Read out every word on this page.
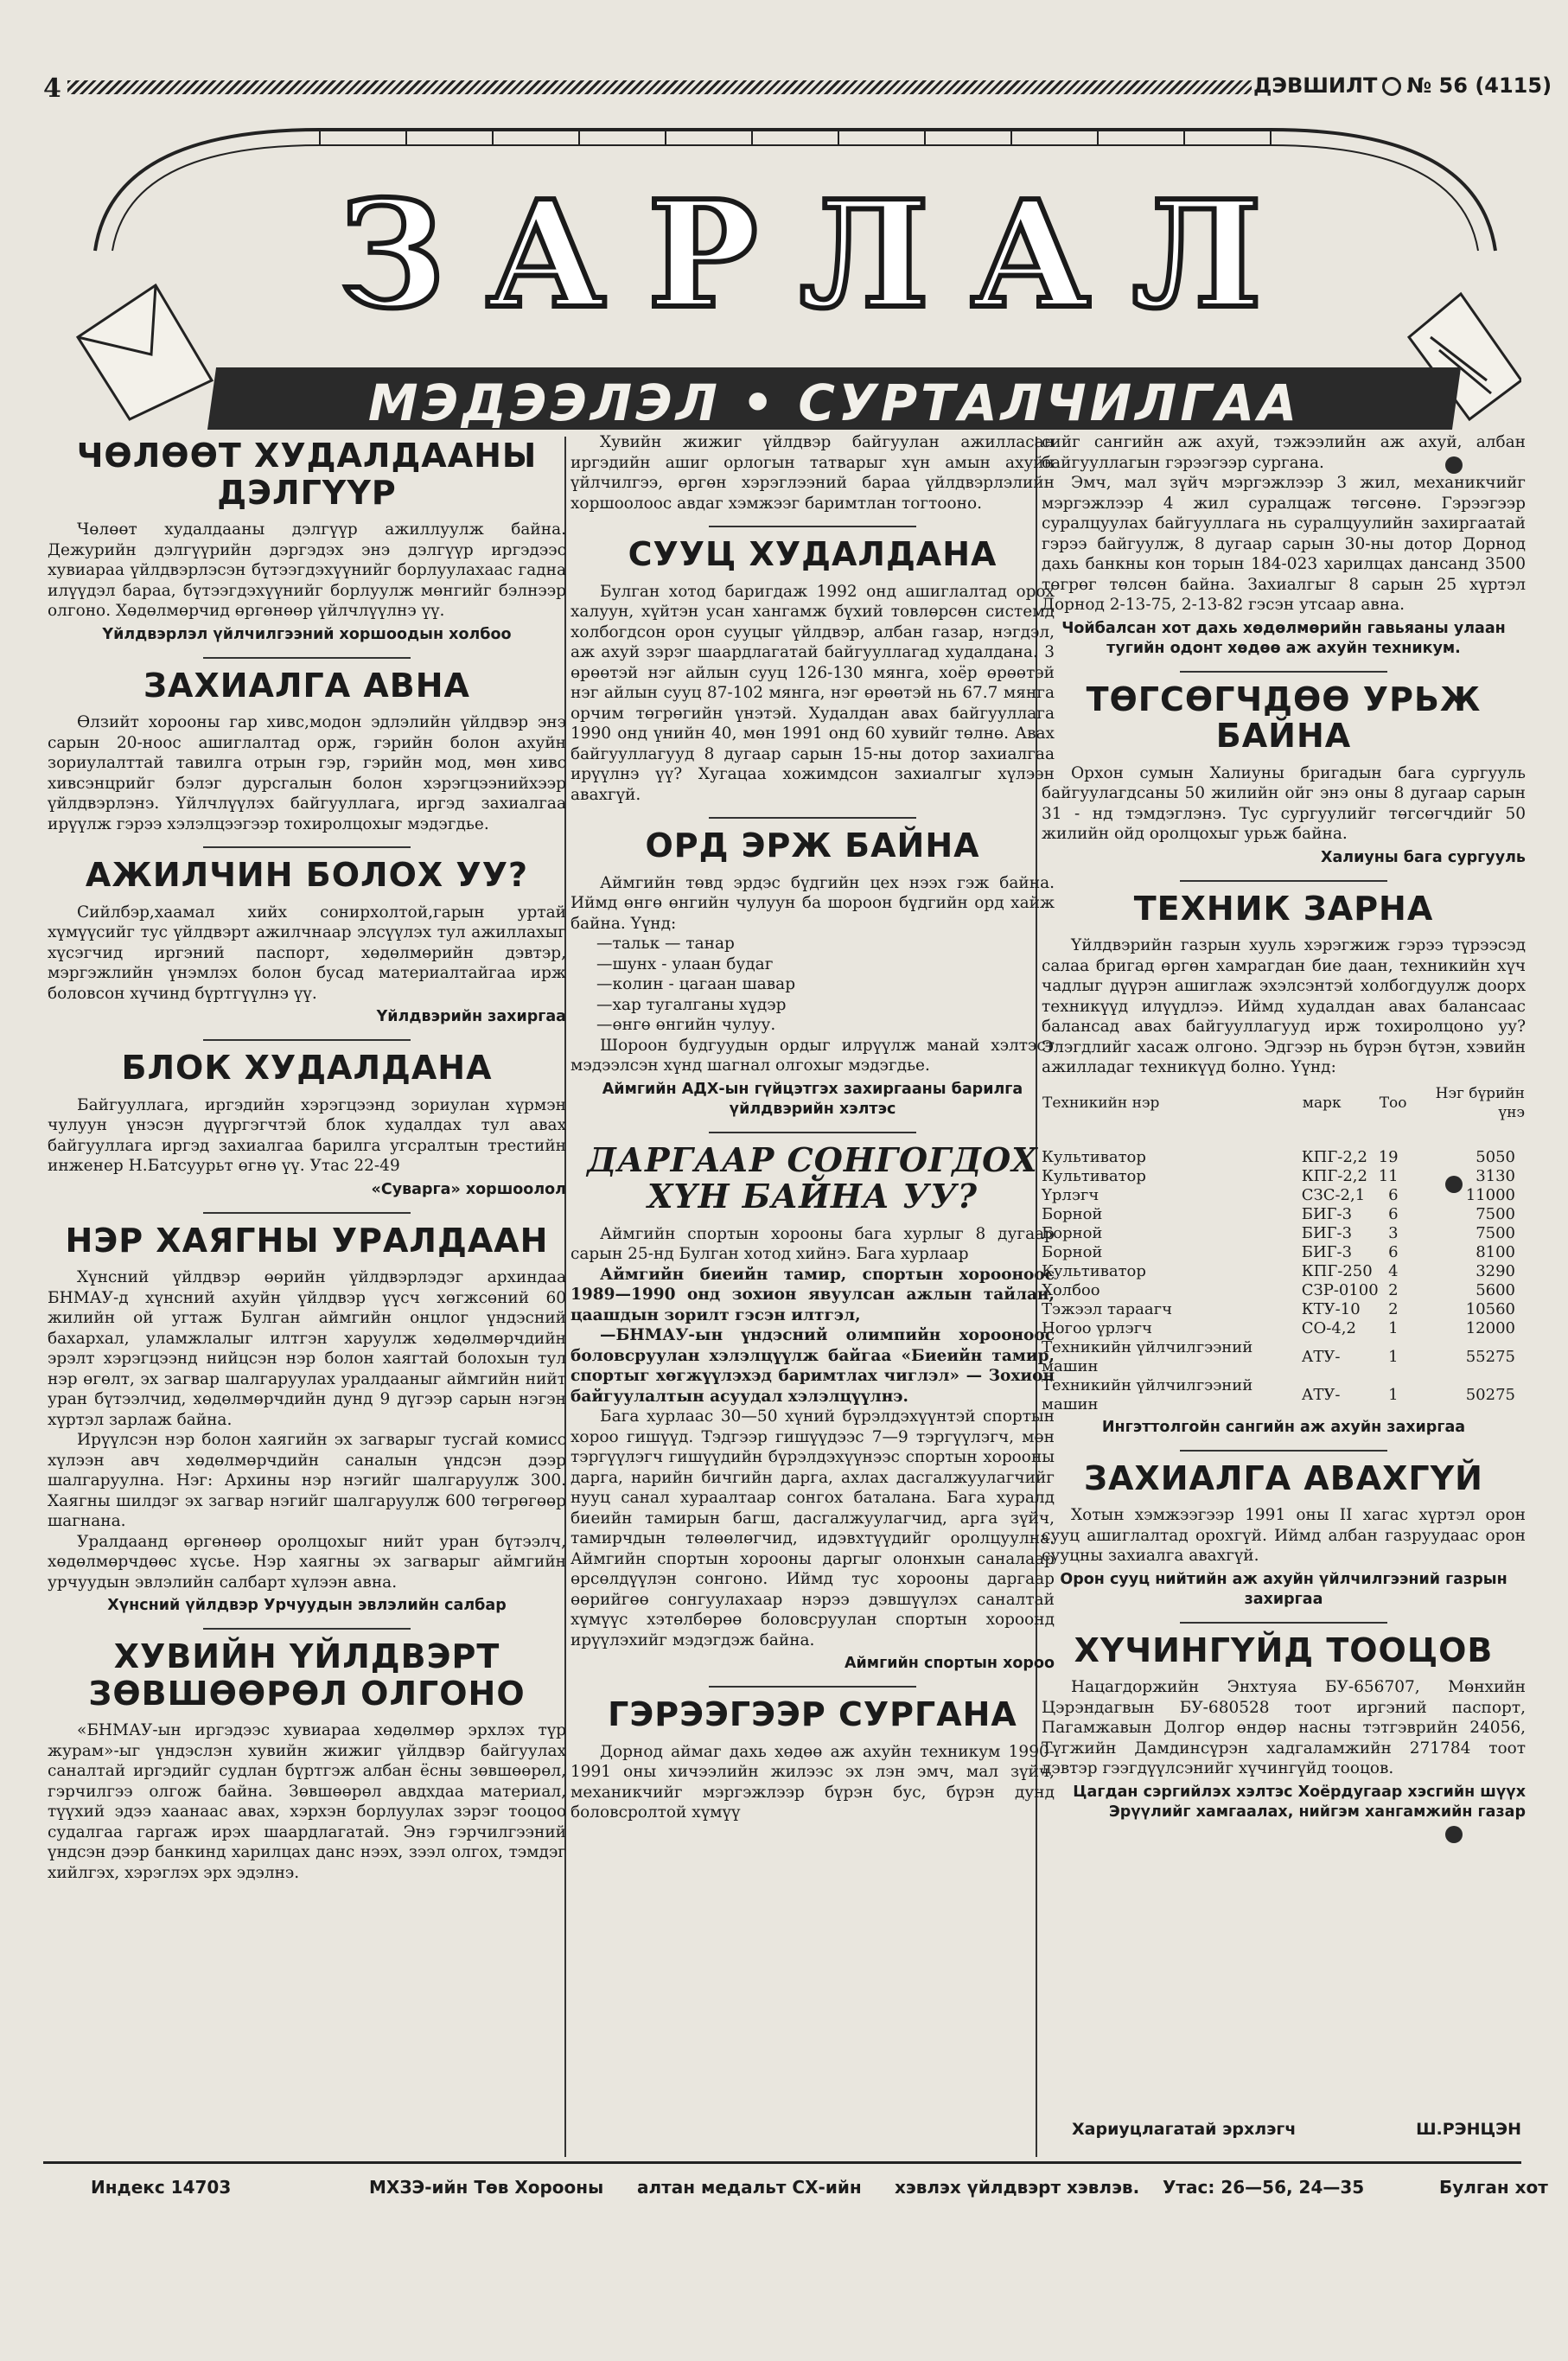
4	ДЭВШИЛТ № 56 (4115)
ЗАРЛАЛ
МЭДЭЭЛЭЛ • СУРТАЛЧИЛГАА
ЧӨЛӨӨТ ХУДАЛДААНЫ ДЭЛГҮҮР

Чөлөөт худалдааны дэлгүүр ажиллуулж байна. Дежурийн дэлгүүрийн дэргэдэх энэ дэлгүүр иргэдээс хувиараа үйлдвэрлэсэн бүтээгдэхүүнийг борлуулахаас гадна илүүдэл бараа, бүтээгдэхүүнийг борлуулж мөнгийг бэлнээр олгоно. Хөдөлмөрчид өргөнөөр үйлчлүүлнэ үү.

Үйлдвэрлэл үйлчилгээний хоршоодын холбоо
ЗАХИАЛГА АВНА

Өлзийт хорооны гар хивс,модон эдлэлийн үйлдвэр энэ сарын 20-ноос ашиглалтад орж, гэрийн болон ахуйн зориулалттай тавилга отрын гэр, гэрийн мод, мөн хивс хивсэнцрийг бэлэг дурсгалын болон хэрэгцээнийхээр үйлдвэрлэнэ. Үйлчлүүлэх байгууллага, иргэд захиалгаа ирүүлж гэрээ хэлэлцээгээр тохиролцохыг мэдэгдье.

АЖИЛЧИН БОЛОХ УУ?

Сийлбэр,хаамал хийх сонирхолтой,гарын уртай хүмүүсийг тус үйлдвэрт ажилчнаар элсүүлэх тул ажиллахыг хүсэгчид иргэний паспорт, хөдөлмөрийн дэвтэр, мэргэжлийн үнэмлэх болон бусад материалтайгаа ирж боловсон хүчинд бүртгүүлнэ үү.

Үйлдвэрийн захиргаа
БЛОК ХУДАЛДАНА

Байгууллага, иргэдийн хэрэгцээнд зориулан хүрмэн чулуун үнэсэн дүүргэгчтэй блок худалдах тул авах байгууллага иргэд захиалгаа барилга угсралтын трестийн инженер Н.Батсуурьт өгнө үү. Утас 22-49

«Суварга» хоршоолол
НЭР ХАЯГНЫ УРАЛДААН

Хүнсний үйлдвэр өөрийн үйлдвэрлэдэг архиндаа БНМАУ-д хүнсний ахуйн үйлдвэр үүсч хөгжсөний 60 жилийн ой угтаж Булган аймгийн онцлог үндэсний бахархал, уламжлалыг илтгэн харуулж хөдөлмөрчдийн эрэлт хэрэгцээнд нийцсэн нэр болон хаягтай болохын тул нэр өгөлт, эх загвар шалгаруулах уралдааныг аймгийн нийт уран бүтээлчид, хөдөлмөрчдийн дунд 9 дүгээр сарын нэгэн хүртэл зарлаж байна.

Ирүүлсэн нэр болон хаягийн эх загварыг тусгай комисс хүлээн авч хөдөлмөрчдийн саналын үндсэн дээр шалгаруулна. Нэг: Архины нэр нэгийг шалгаруулж 300. Хаягны шилдэг эх загвар нэгийг шалгаруулж 600 төгрөгөөр шагнана.

Уралдаанд өргөнөөр оролцохыг нийт уран бүтээлч, хөдөлмөрчдөөс хүсье. Нэр хаягны эх загварыг аймгийн урчуудын эвлэлийн салбарт хүлээн авна.

Хүнсний үйлдвэр Урчуудын эвлэлийн салбар
ХУВИЙН ҮЙЛДВЭРТ ЗӨВШӨӨРӨЛ ОЛГОНО

«БНМАУ-ын иргэдээс хувиараа хөдөлмөр эрхлэх түр журам»-ыг үндэслэн хувийн жижиг үйлдвэр байгуулах саналтай иргэдийг судлан бүртгэж албан ёсны зөвшөөрөл, гэрчилгээ олгож байна. Зөвшөөрөл авдхдаа материал, түүхий эдээ хаанаас авах, хэрхэн борлуулах зэрэг тооцоо судалгаа гаргаж ирэх шаардлагатай. Энэ гэрчилгээний үндсэн дээр банкинд харилцах данс нээх, зээл олгох, тэмдэг хийлгэх, хэрэглэх эрх эдэлнэ.

Хувийн жижиг үйлдвэр байгуулан ажилласан иргэдийн ашиг орлогын татварыг хүн амын ахуйн үйлчилгээ, өргөн хэрэглээний бараа үйлдвэрлэлийн хоршоолоос авдаг хэмжээг баримтлан тогтооно.

СУУЦ ХУДАЛДАНА

Булган хотод баригдаж 1992 онд ашиглалтад орох халуун, хүйтэн усан хангамж бүхий товлөрсөн системд холбогдсон орон сууцыг үйлдвэр, албан газар, нэгдэл, аж ахуй зэрэг шаардлагатай байгууллагад худалдана. 3 өрөөтэй нэг айлын сууц 126-130 мянга, хоёр өрөөтэй нэг айлын сууц 87-102 мянга, нэг өрөөтэй нь 67.7 мянга орчим төгрөгийн үнэтэй. Худалдан авах байгууллага 1990 онд үнийн 40, мөн 1991 онд 60 хувийг төлнө. Авах байгууллагууд 8 дугаар сарын 15-ны дотор захиалгаа ирүүлнэ үү? Хугацаа хожимдсон захиалгыг хүлээн авахгүй.

ОРД ЭРЖ БАЙНА

Аймгийн төвд эрдэс бүдгийн цех нээх гэж байна. Иймд өнгө өнгийн чулуун ба шороон бүдгийн орд хайж байна. Үүнд:

—тальк — танар
—шунх - улаан будаг
—колин - цагаан шавар
—хар тугалганы хүдэр
—өнгө өнгийн чулуу.

Шороон будгуудын ордыг илрүүлж манай хэлтэст мэдээлсэн хүнд шагнал олгохыг мэдэгдье.

Аймгийн АДХ-ын гүйцэтгэх захиргааны барилга үйлдвэрийн хэлтэс
ДАРГААР СОНГОГДОХ ХҮН БАЙНА УУ?

Аймгийн спортын хорооны бага хурлыг 8 дугаар сарын 25-нд Булган хотод хийнэ. Бага хурлаар

Аймгийн биеийн тамир, спортын хорооноос 1989—1990 онд зохион явуулсан ажлын тайлан, цаашдын зорилт гэсэн илтгэл,

—БНМАУ-ын үндэсний олимпийн хорооноос боловсруулан хэлэлцүүлж байгаа «Биеийн тамир, спортыг хөгжүүлэхэд баримтлах чиглэл» — Зохион байгуулалтын асуудал хэлэлцүүлнэ.

Бага хурлаас 30—50 хүний бүрэлдэхүүнтэй спортын хороо гишүүд. Тэдгээр гишүүдээс 7—9 тэргүүлэгч, мөн тэргүүлэгч гишүүдийн бүрэлдэхүүнээс спортын хорооны дарга, нарийн бичгийн дарга, ахлах дасгалжуулагчийг нууц санал хураалтаар сонгох баталана. Бага хуралд биеийн тамирын багш, дасгалжуулагчид, арга зүйч, тамирчдын төлөөлөгчид, идэвхтүүдийг оролцуулна. Аймгийн спортын хорооны даргыг олонхын саналаар өрсөлдүүлэн сонгоно. Иймд тус хорооны даргаар өөрийгөө сонгуулахаар нэрээ дэвшүүлэх саналтай хүмүүс хэтөлбөрөө боловсруулан спортын хороонд ирүүлэхийг мэдэгдэж байна.

Аймгийн спортын хороо
ГЭРЭЭГЭЭР СУРГАНА

Дорнод аймаг дахь хөдөө аж ахуйн техникум 1990-1991 оны хичээлийн жилээс эх лэн эмч, мал зүйч, механикчийг мэргэжлээр бүрэн бус, бүрэн дунд боловсролтой хүмүү

сийг сангийн аж ахуй, тэжээлийн аж ахуй, албан байгууллагын гэрээгээр сургана.

Эмч, мал зүйч мэргэжлээр 3 жил, механикчийг мэргэжлээр 4 жил суралцаж төгсөнө. Гэрээгээр суралцуулах байгууллага нь суралцуулийн захиргаатай гэрээ байгуулж, 8 дугаар сарын 30-ны дотор Дорнод дахь банкны кон торын 184-023 харилцах дансанд 3500 төгрөг төлсөн байна. Захиалгыг 8 сарын 25 хүртэл Дорнод 2-13-75, 2-13-82 гэсэн утсаар авна.

Чойбалсан хот дахь хөдөлмөрийн гавьяаны улаан тугийн одонт хөдөө аж ахуйн техникум.
ТӨГСӨГЧДӨӨ УРЬЖ БАЙНА

Орхон сумын Халиуны бригадын бага сургууль байгуулагдсаны 50 жилийн ойг энэ оны 8 дугаар сарын 31 - нд тэмдэглэнэ. Тус сургуулийг төгсөгчдийг 50 жилийн ойд оролцохыг урьж байна.

Халиуны бага сургууль
ТЕХНИК ЗАРНА

Үйлдвэрийн газрын хууль хэрэгжиж гэрээ түрээсэд салаа бригад өргөн хамрагдан бие даан, техникийн хүч чадлыг дүүрэн ашиглаж эхэлсэнтэй холбогдуулж доорх техникүүд илүүдлээ. Иймд худалдан авах балансаас балансад авах байгууллагууд ирж тохиролцоно уу? Элэгдлийг хасаж олгоно. Эдгээр нь бүрэн бүтэн, хэвийн ажилладаг техникүүд болно. Үүнд:

Техникийн нэр	марк	Тоо	Нэг бүрийн үнэ
Культиватор	КПГ-2,2	19	5050
Культиватор	КПГ-2,2	11	3130
Үрлэгч	СЗС-2,1	6	11000
Борной	БИГ-3	6	7500
Борной	БИГ-3	3	7500
Борной	БИГ-3	6	8100
Культиватор	КПГ-250	4	3290
Холбоо	СЗР-0100	2	5600
Тэжээл тараагч	КТУ-10	2	10560
Ногоо үрлэгч	СО-4,2	1	12000
Техникийн үйлчилгээний машин	АТУ-	1	55275
Техникийн үйлчилгээний машин	АТУ-	1	50275
Ингэттолгойн сангийн аж ахуйн захиргаа
ЗАХИАЛГА АВАХГҮЙ

Хотын хэмжээгээр 1991 оны II хагас хүртэл орон сууц ашиглалтад орохгүй. Иймд албан газруудаас орон сууцны захиалга авахгүй.

Орон сууц нийтийн аж ахуйн үйлчилгээний газрын захиргаа
ХҮЧИНГҮЙД ТООЦОВ

Нацагдоржийн Энхтуяа БУ-656707, Мөнхийн Цэрэндагвын БУ-680528 тоот иргэний паспорт, Пагамжавын Долгор өндөр насны тэтгэврийн 24056, Түгжийн Дамдинсүрэн хадгаламжийн 271784 тоот дэвтэр гээгдүүлсэнийг хүчингүйд тооцов.

Цагдан сэргийлэх хэлтэс Хоёрдугаар хэсгийн шүүх Эрүүлийг хамгаалах, нийгэм хангамжийн газар
Хариуцлагатай эрхлэгч	Ш.РЭНЦЭН
Индекс 14703	МХЗЭ-ийн Төв Хорооны алтан медальт СХ-ийн хэвлэх үйлдвэрт хэвлэв. Утас: 26—56, 24—35	Булган хот
